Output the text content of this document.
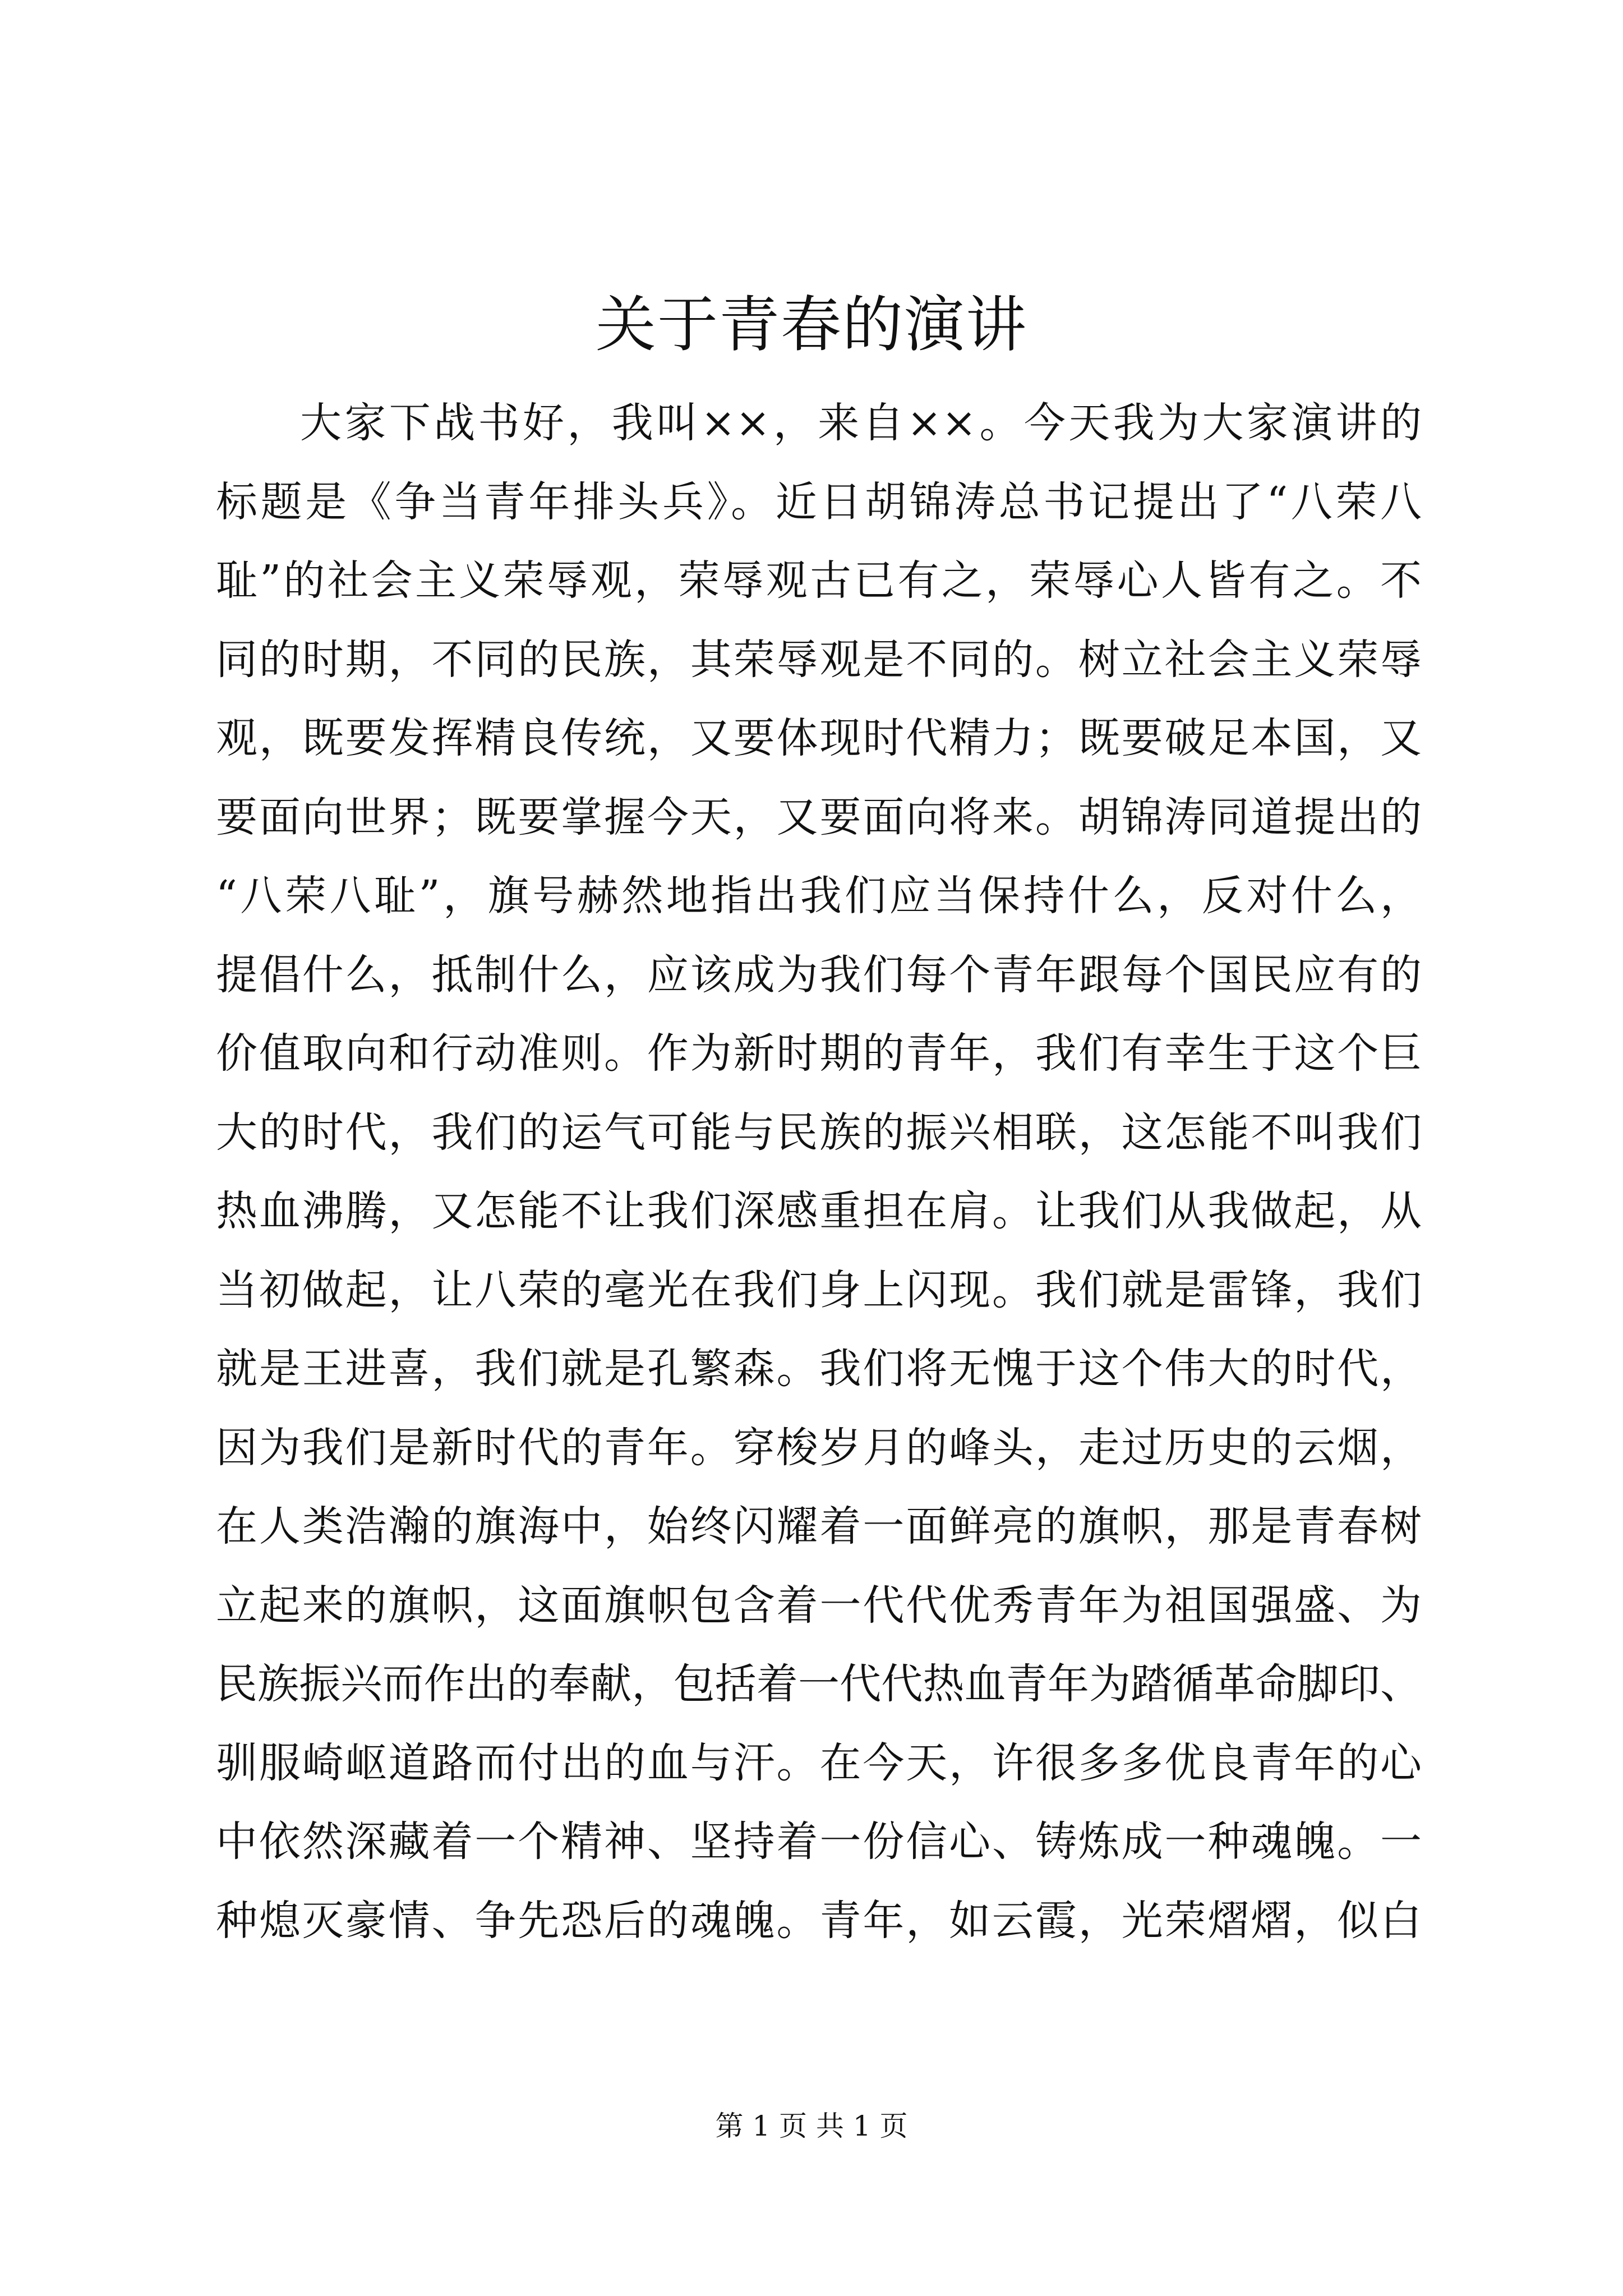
关于青春的演讲
大家下战书好，我叫××，来自××。今天我为大家演讲的
标题是《争当青年排头兵》。近日胡锦涛总书记提出了“八荣八
耻”的社会主义荣辱观，荣辱观古已有之，荣辱心人皆有之。不
同的时期，不同的民族，其荣辱观是不同的。树立社会主义荣辱
观，既要发挥精良传统，又要体现时代精力；既要破足本国，又
要面向世界；既要掌握今天，又要面向将来。胡锦涛同道提出的
“八荣八耻”，旗号赫然地指出我们应当保持什么，反对什么，
提倡什么，抵制什么，应该成为我们每个青年跟每个国民应有的
价值取向和行动准则。作为新时期的青年，我们有幸生于这个巨
大的时代，我们的运气可能与民族的振兴相联，这怎能不叫我们
热血沸腾，又怎能不让我们深感重担在肩。让我们从我做起，从
当初做起，让八荣的毫光在我们身上闪现。我们就是雷锋，我们
就是王进喜，我们就是孔繁森。我们将无愧于这个伟大的时代，
因为我们是新时代的青年。穿梭岁月的峰头，走过历史的云烟，
在人类浩瀚的旗海中，始终闪耀着一面鲜亮的旗帜，那是青春树
立起来的旗帜，这面旗帜包含着一代代优秀青年为祖国强盛、为
民族振兴而作出的奉献，包括着一代代热血青年为踏循革命脚印、
驯服崎岖道路而付出的血与汗。在今天，许很多多优良青年的心
中依然深藏着一个精神、坚持着一份信心、铸炼成一种魂魄。一
种熄灭豪情、争先恐后的魂魄。青年，如云霞，光荣熠熠，似白
第 1 页 共 1 页
